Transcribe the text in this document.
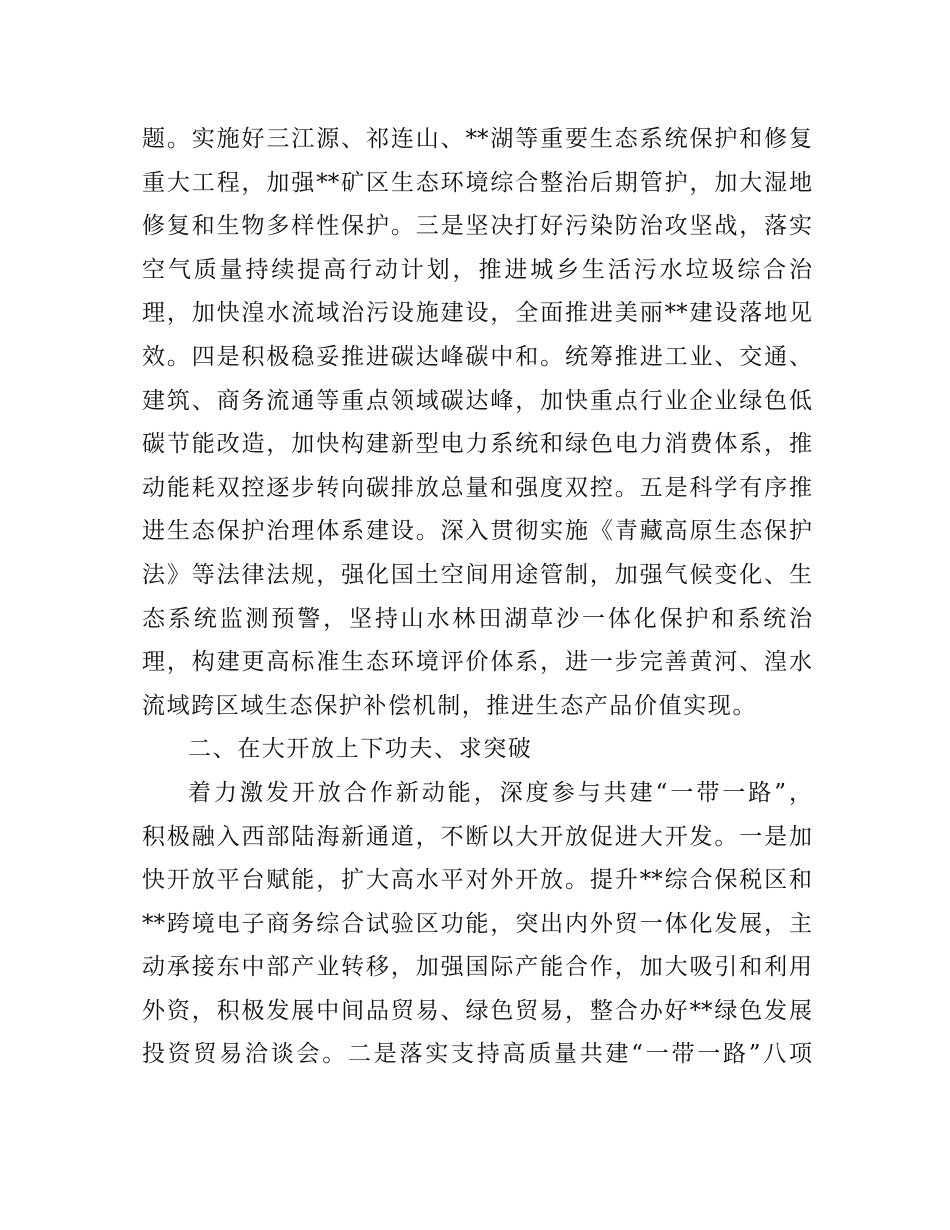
题。实施好三江源、祁连山、**湖等重要生态系统保护和修复
重大工程，加强**矿区生态环境综合整治后期管护，加大湿地
修复和生物多样性保护。三是坚决打好污染防治攻坚战，落实
空气质量持续提高行动计划，推进城乡生活污水垃圾综合治
理，加快湟水流域治污设施建设，全面推进美丽**建设落地见
效。四是积极稳妥推进碳达峰碳中和。统筹推进工业、交通、
建筑、商务流通等重点领域碳达峰，加快重点行业企业绿色低
碳节能改造，加快构建新型电力系统和绿色电力消费体系，推
动能耗双控逐步转向碳排放总量和强度双控。五是科学有序推
进生态保护治理体系建设。深入贯彻实施《青藏高原生态保护
法》等法律法规，强化国土空间用途管制，加强气候变化、生
态系统监测预警，坚持山水林田湖草沙一体化保护和系统治
理，构建更高标准生态环境评价体系，进一步完善黄河、湟水
流域跨区域生态保护补偿机制，推进生态产品价值实现。
二、在大开放上下功夫、求突破
着力激发开放合作新动能，深度参与共建“一带一路”，
积极融入西部陆海新通道，不断以大开放促进大开发。一是加
快开放平台赋能，扩大高水平对外开放。提升**综合保税区和
**跨境电子商务综合试验区功能，突出内外贸一体化发展，主
动承接东中部产业转移，加强国际产能合作，加大吸引和利用
外资，积极发展中间品贸易、绿色贸易，整合办好**绿色发展
投资贸易洽谈会。二是落实支持高质量共建“一带一路”八项
